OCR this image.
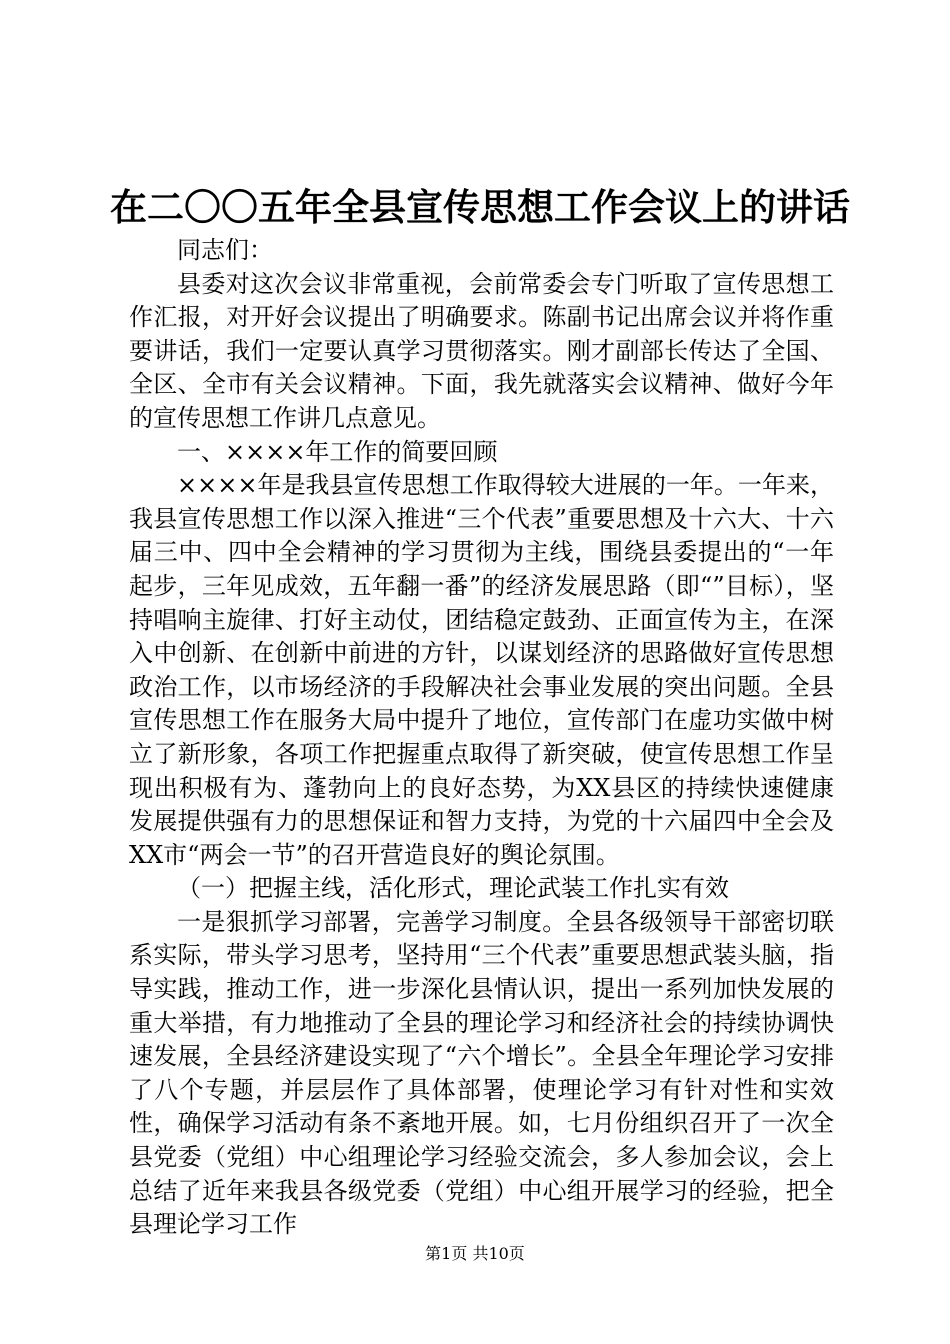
在二〇〇五年全县宣传思想工作会议上的讲话

同志们：

县委对这次会议非常重视，会前常委会专门听取了宣传思想工作汇报，对开好会议提出了明确要求。陈副书记出席会议并将作重要讲话，我们一定要认真学习贯彻落实。刚才副部长传达了全国、全区、全市有关会议精神。下面，我先就落实会议精神、做好今年的宣传思想工作讲几点意见。

一、××××年工作的简要回顾

××××年是我县宣传思想工作取得较大进展的一年。一年来，我县宣传思想工作以深入推进“三个代表”重要思想及十六大、十六届三中、四中全会精神的学习贯彻为主线，围绕县委提出的“一年起步，三年见成效，五年翻一番”的经济发展思路（即“”目标），坚持唱响主旋律、打好主动仗，团结稳定鼓劲、正面宣传为主，在深入中创新、在创新中前进的方针，以谋划经济的思路做好宣传思想政治工作，以市场经济的手段解决社会事业发展的突出问题。全县宣传思想工作在服务大局中提升了地位，宣传部门在虚功实做中树立了新形象，各项工作把握重点取得了新突破，使宣传思想工作呈现出积极有为、蓬勃向上的良好态势，为XX县区的持续快速健康发展提供强有力的思想保证和智力支持，为党的十六届四中全会及XX市“两会一节”的召开营造良好的舆论氛围。

（一）把握主线，活化形式，理论武装工作扎实有效

一是狠抓学习部署，完善学习制度。全县各级领导干部密切联系实际，带头学习思考，坚持用“三个代表”重要思想武装头脑，指导实践，推动工作，进一步深化县情认识，提出一系列加快发展的重大举措，有力地推动了全县的理论学习和经济社会的持续协调快速发展，全县经济建设实现了“六个增长”。全县全年理论学习安排了八个专题，并层层作了具体部署，使理论学习有针对性和实效性，确保学习活动有条不紊地开展。如，七月份组织召开了一次全县党委（党组）中心组理论学习经验交流会，多人参加会议，会上总结了近年来我县各级党委（党组）中心组开展学习的经验，把全县理论学习工作

第1页 共10页
